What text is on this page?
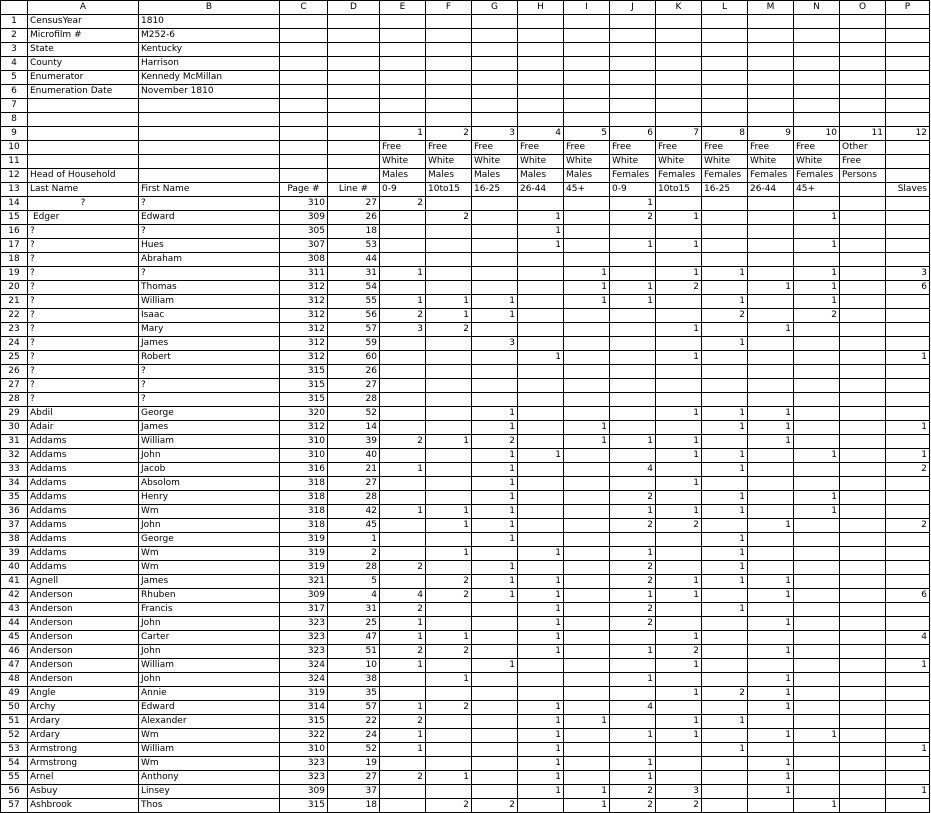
	A	B	C	D	E	F	G	H	I	J	K	L	M	N	O	P
1	CensusYear	1810														
2	Microfilm #	M252-6														
3	State	Kentucky														
4	County	Harrison														
5	Enumerator	Kennedy McMillan														
6	Enumeration Date	November 1810														
7																
8																
9					1	2	3	4	5	6	7	8	9	10	11	12
10					Free	Free	Free	Free	Free	Free	Free	Free	Free	Free	Other	
11					White	White	White	White	White	White	White	White	White	White	Free	
12	Head of Household				Males	Males	Males	Males	Males	Females	Females	Females	Females	Females	Persons	
13	Last Name	First Name	Page #	Line #	0-9	10to15	16-25	26-44	45+	0-9	10to15	16-25	26-44	45+		Slaves
14	?	?	310	27	2					1						
15	Edger	Edward	309	26		2		1		2	1			1		
16	?	?	305	18				1								
17	?	Hues	307	53				1		1	1			1		
18	?	Abraham	308	44												
19	?	?	311	31	1				1		1	1		1		3
20	?	Thomas	312	54					1	1	2		1	1		6
21	?	William	312	55	1	1	1		1	1		1		1		
22	?	Isaac	312	56	2	1	1					2		2		
23	?	Mary	312	57	3	2					1		1			
24	?	James	312	59			3					1				
25	?	Robert	312	60				1			1					1
26	?	?	315	26												
27	?	?	315	27												
28	?	?	315	28												
29	Abdil	George	320	52			1				1	1	1			
30	Adair	James	312	14			1		1			1	1			1
31	Addams	William	310	39	2	1	2		1	1	1		1			
32	Addams	John	310	40			1	1			1	1		1		1
33	Addams	Jacob	316	21	1		1			4		1				2
34	Addams	Absolom	318	27			1				1					
35	Addams	Henry	318	28			1			2		1		1		
36	Addams	Wm	318	42	1	1	1			1	1	1		1		
37	Addams	John	318	45		1	1			2	2		1			2
38	Addams	George	319	1			1					1				
39	Addams	Wm	319	2		1		1		1		1				
40	Addams	Wm	319	28	2		1			2		1				
41	Agnell	James	321	5		2	1	1		2	1	1	1			
42	Anderson	Rhuben	309	4	4	2	1	1		1	1		1			6
43	Anderson	Francis	317	31	2			1		2		1				
44	Anderson	John	323	25	1			1		2			1			
45	Anderson	Carter	323	47	1	1		1			1					4
46	Anderson	John	323	51	2	2		1		1	2		1			
47	Anderson	William	324	10	1		1				1					1
48	Anderson	John	324	38		1				1			1			
49	Angle	Annie	319	35							1	2	1			
50	Archy	Edward	314	57	1	2		1		4			1			
51	Ardary	Alexander	315	22	2			1	1		1	1				
52	Ardary	Wm	322	24	1			1		1	1		1	1		
53	Armstrong	William	310	52	1			1				1				1
54	Armstrong	Wm	323	19				1		1			1			
55	Arnel	Anthony	323	27	2	1		1		1			1			
56	Asbuy	Linsey	309	37				1	1	2	3		1			1
57	Ashbrook	Thos	315	18		2	2		1	2	2			1		
